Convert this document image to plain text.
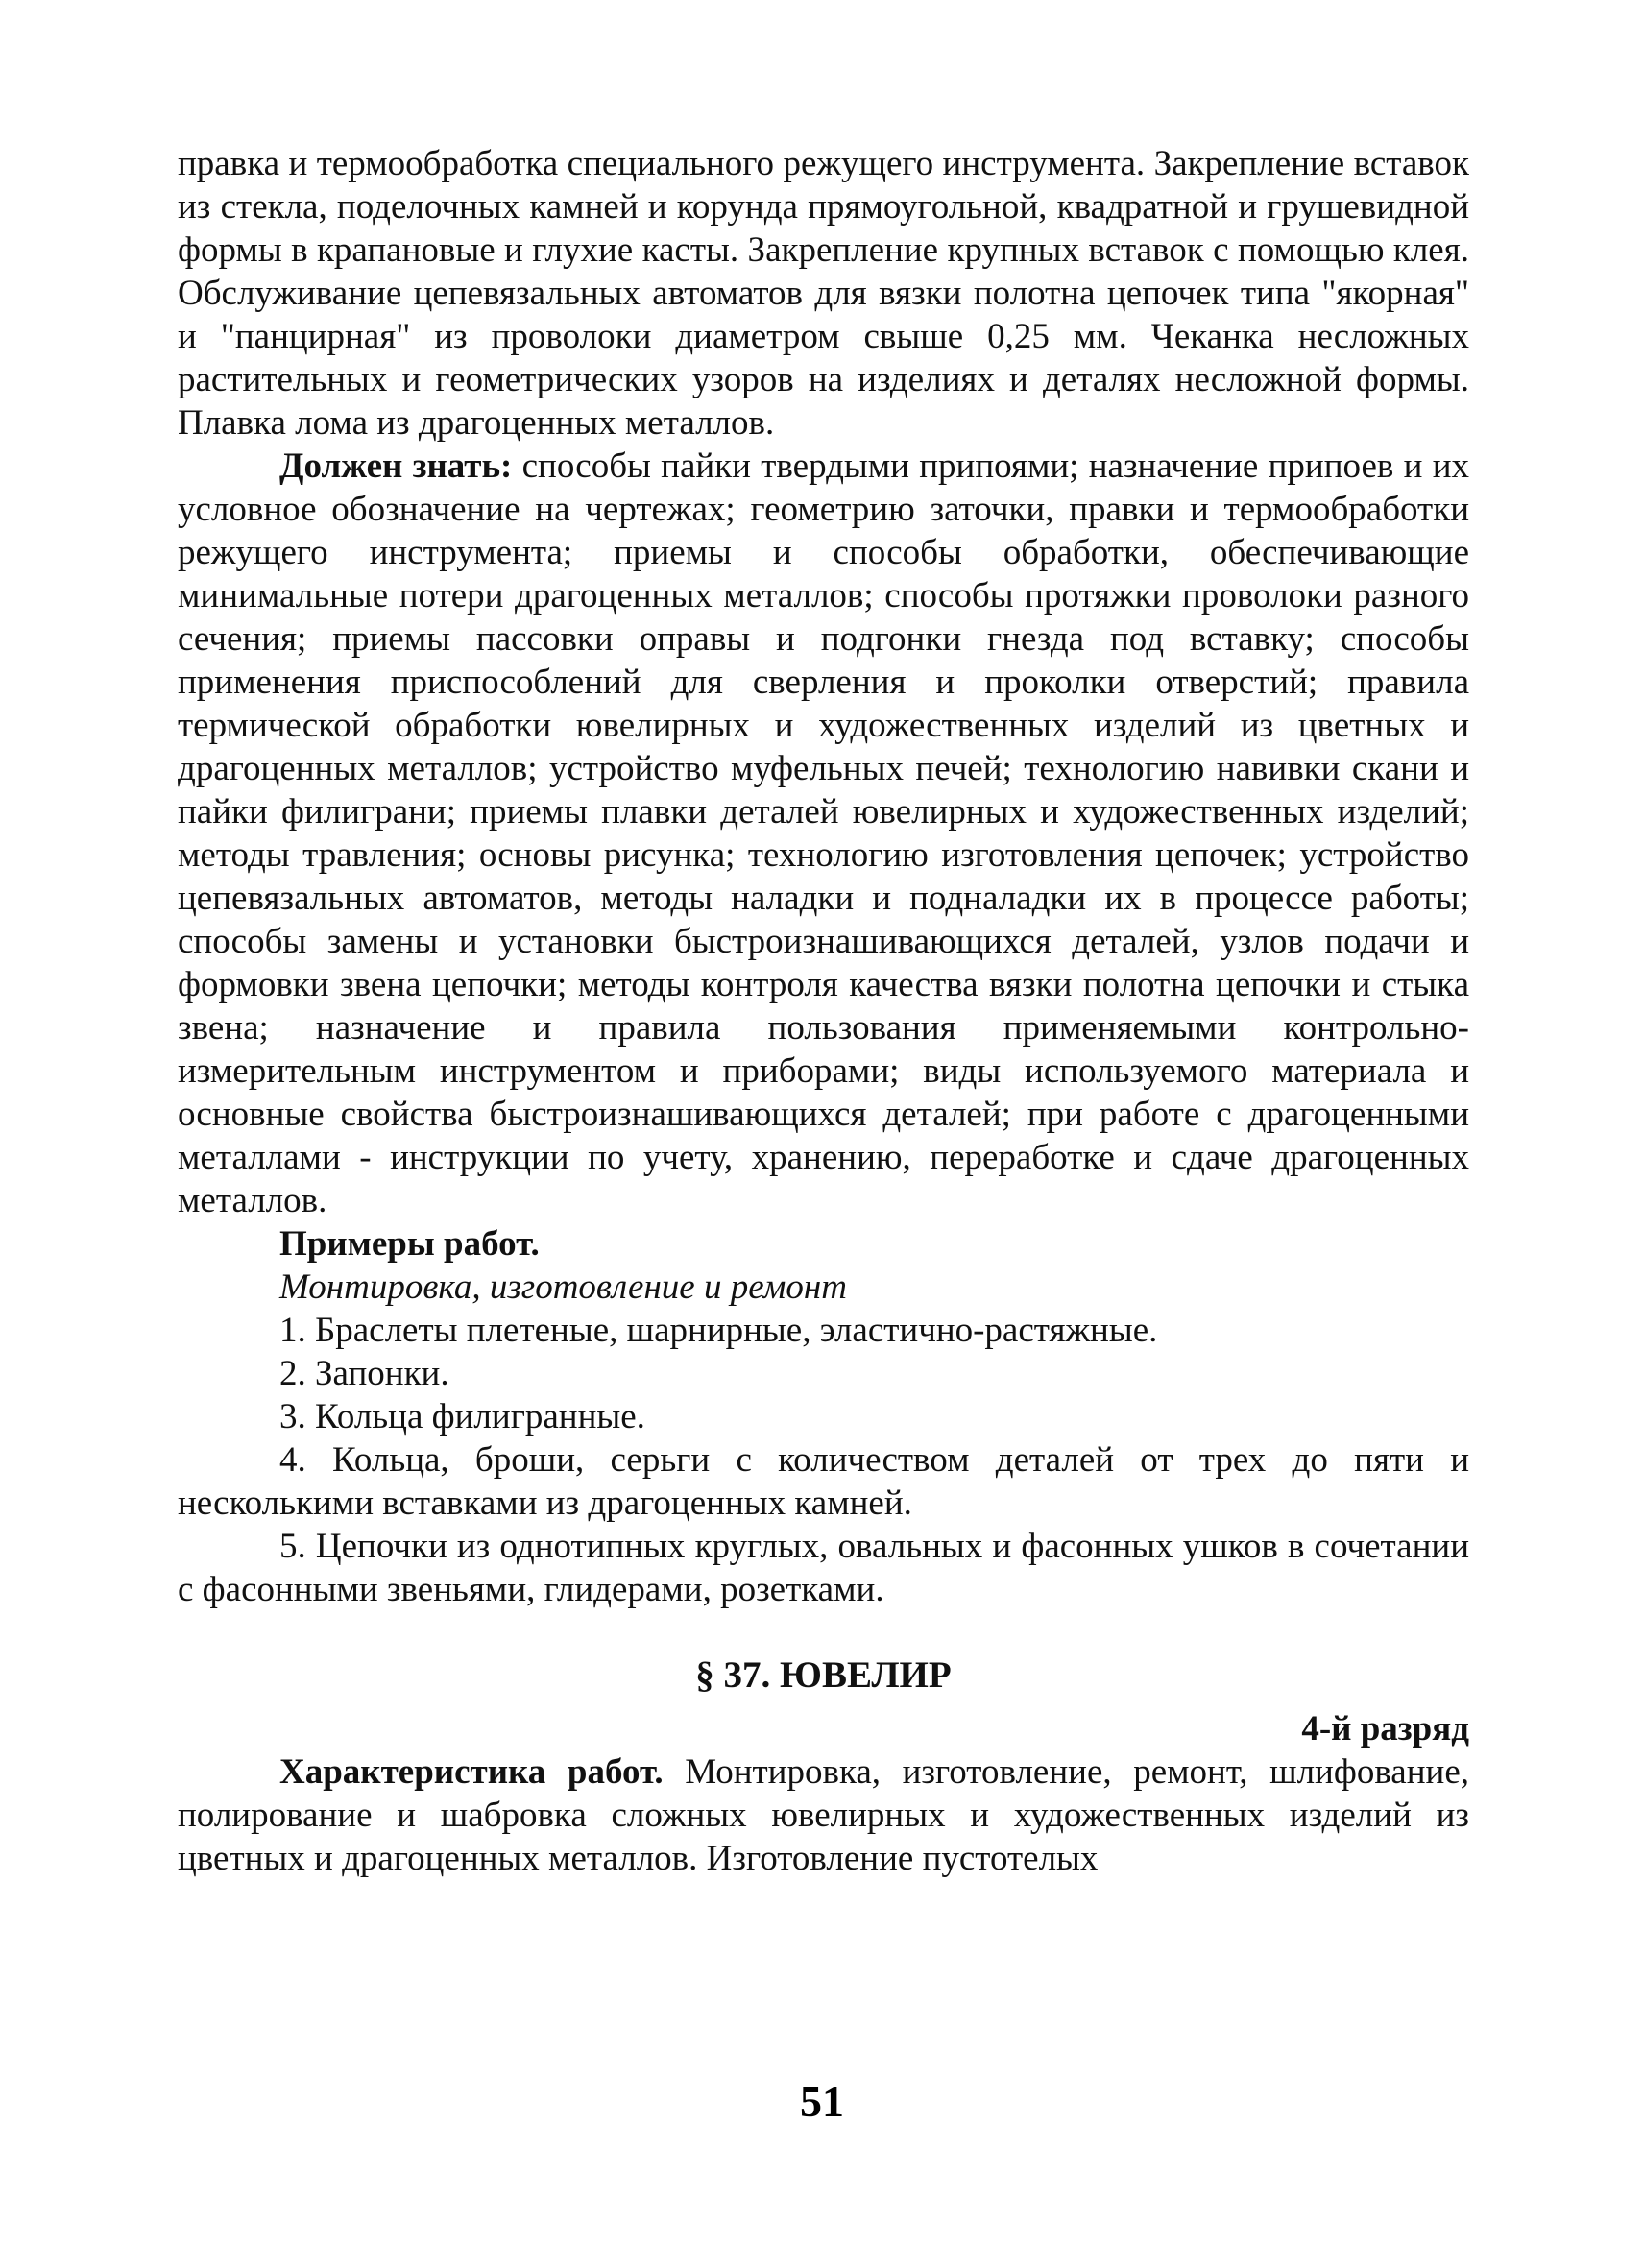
правка и термообработка специального режущего инструмента. Закрепление вставок из стекла, поделочных камней и корунда прямоугольной, квадратной и грушевидной формы в крапановые и глухие касты. Закрепление крупных вставок с помощью клея. Обслуживание цепевязальных автоматов для вязки полотна цепочек типа "якорная" и "панцирная" из проволоки диаметром свыше 0,25 мм. Чеканка несложных растительных и геометрических узоров на изделиях и деталях несложной формы. Плавка лома из драгоценных металлов.

Должен знать: способы пайки твердыми припоями; назначение припоев и их условное обозначение на чертежах; геометрию заточки, правки и термообработки режущего инструмента; приемы и способы обработки, обеспечивающие минимальные потери драгоценных металлов; способы протяжки проволоки разного сечения; приемы пассовки оправы и подгонки гнезда под вставку; способы применения приспособлений для сверления и проколки отверстий; правила термической обработки ювелирных и художественных изделий из цветных и драгоценных металлов; устройство муфельных печей; технологию навивки скани и пайки филиграни; приемы плавки деталей ювелирных и художественных изделий; методы травления; основы рисунка; технологию изготовления цепочек; устройство цепевязальных автоматов, методы наладки и подналадки их в процессе работы; способы замены и установки быстроизнашивающихся деталей, узлов подачи и формовки звена цепочки; методы контроля качества вязки полотна цепочки и стыка звена; назначение и правила пользования применяемыми контрольно-измерительным инструментом и приборами; виды используемого материала и основные свойства быстроизнашивающихся деталей; при работе с драгоценными металлами - инструкции по учету, хранению, переработке и сдаче драгоценных металлов.

Примеры работ.

Монтировка, изготовление и ремонт

1. Браслеты плетеные, шарнирные, эластично-растяжные.

2. Запонки.

3. Кольца филигранные.

4. Кольца, броши, серьги с количеством деталей от трех до пяти и несколькими вставками из драгоценных камней.

5. Цепочки из однотипных круглых, овальных и фасонных ушков в сочетании с фасонными звеньями, глидерами, розетками.

§ 37. ЮВЕЛИР

4-й разряд

Характеристика работ. Монтировка, изготовление, ремонт, шлифование, полирование и шабровка сложных ювелирных и художественных изделий из цветных и драгоценных металлов. Изготовление пустотелых

51
